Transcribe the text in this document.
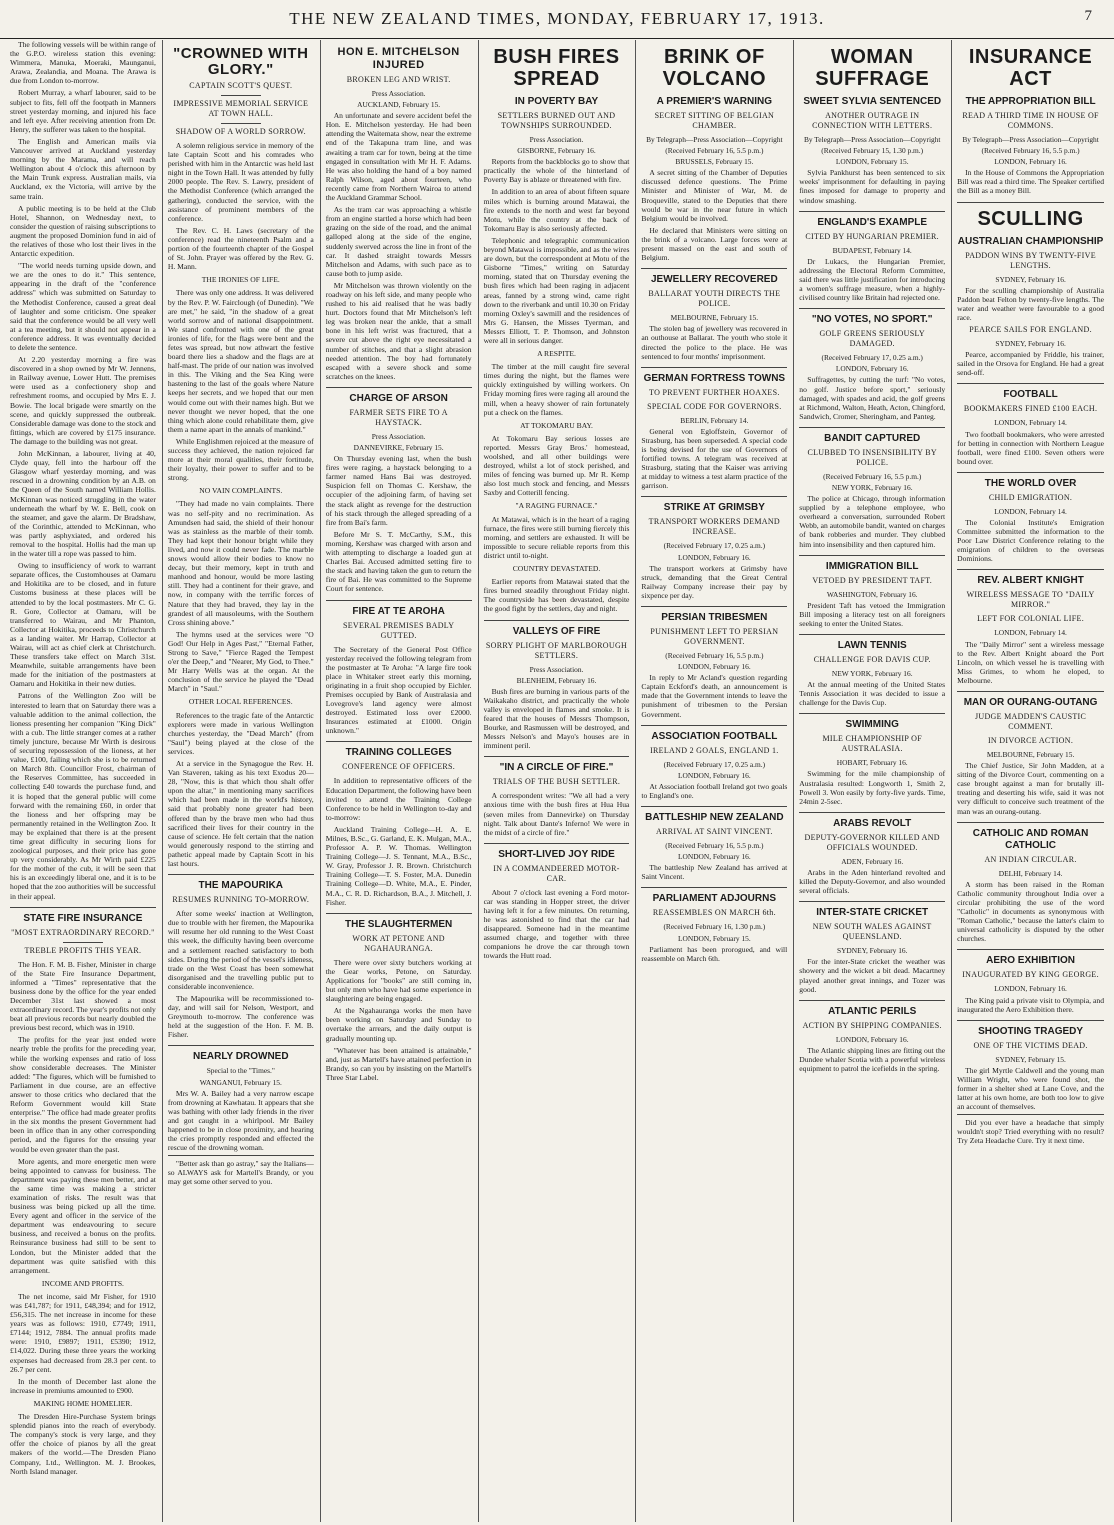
THE NEW ZEALAND TIMES, MONDAY, FEBRUARY 17, 1913.	7

The following vessels will be within range of the G.P.O. wireless station this evening: Wimmera, Manuka, Moeraki, Maunganui, Arawa, Zealandia, and Moana. The Arawa is due from London to-morrow.

Robert Murray, a wharf labourer, said to be subject to fits, fell off the footpath in Manners street yesterday morning, and injured his face and left eye. After receiving attention from Dr. Henry, the sufferer was taken to the hospital.

The English and American mails via Vancouver arrived at Auckland yesterday morning by the Marama, and will reach Wellington about 4 o'clock this afternoon by the Main Trunk express. Australian mails, via Auckland, ex the Victoria, will arrive by the same train.

A public meeting is to be held at the Club Hotel, Shannon, on Wednesday next, to consider the question of raising subscriptions to augment the proposed Dominion fund in aid of the relatives of those who lost their lives in the Antarctic expedition.

"The world needs turning upside down, and we are the ones to do it." This sentence, appearing in the draft of the "conference address" which was submitted on Saturday to the Methodist Conference, caused a great deal of laughter and some criticism. One speaker said that the conference would be all very well at a tea meeting, but it should not appear in a conference address. It was eventually decided to delete the sentence.

At 2.20 yesterday morning a fire was discovered in a shop owned by Mr W. Jennens, in Railway avenue, Lower Hutt. The premises were used as a confectionery shop and refreshment rooms, and occupied by Mrs E. J. Bowie. The local brigade were smartly on the scene, and quickly suppressed the outbreak. Considerable damage was done to the stock and fittings, which are covered by £175 insurance. The damage to the building was not great.

John McKinnan, a labourer, living at 40, Clyde quay, fell into the harbour off the Glasgow wharf yesterday morning, and was rescued in a drowning condition by an A.B. on the Queen of the South named William Hollis. McKinnan was noticed struggling in the water underneath the wharf by W. E. Bell, cook on the steamer, and gave the alarm. Dr Bradshaw, of the Corinthic, attended to McKinnan, who was partly asphyxiated, and ordered his removal to the hospital. Hollis had the man up in the water till a rope was passed to him.

Owing to insufficiency of work to warrant separate offices, the Customhouses at Oamaru and Hokitika are to be closed, and in future Customs business at these places will be attended to by the local postmasters. Mr C. G. R. Gore, Collector at Oamaru, will be transferred to Wairau, and Mr Phanton, Collector at Hokitika, proceeds to Christchurch as a landing waiter. Mr Harrap, Collector at Wairau, will act as chief clerk at Christchurch. These transfers take effect on March 31st. Meanwhile, suitable arrangements have been made for the initiation of the postmasters at Oamaru and Hokitika in their new duties.

Patrons of the Wellington Zoo will be interested to learn that on Saturday there was a valuable addition to the animal collection, the lioness presenting her companion "King Dick" with a cub. The little stranger comes at a rather timely juncture, because Mr Wirth is desirous of securing repossession of the lioness, at her value, £100, failing which she is to be returned on March 8th. Councillor Frost, chairman of the Reserves Committee, has succeeded in collecting £40 towards the purchase fund, and it is hoped that the general public will come forward with the remaining £60, in order that the lioness and her offspring may be permanently retained in the Wellington Zoo. It may be explained that there is at the present time great difficulty in securing lions for zoological purposes, and their price has gone up very considerably. As Mr Wirth paid £225 for the mother of the cub, it will be seen that his is an exceedingly liberal one, and it is to be hoped that the zoo authorities will be successful in their appeal.

STATE FIRE INSURANCE
"MOST EXTRAORDINARY RECORD."
TREBLE PROFITS THIS YEAR.

The Hon. F. M. B. Fisher, Minister in charge of the State Fire Insurance Department, informed a "Times" representative that the business done by the office for the year ended December 31st last showed a most extraordinary record. The year's profits not only beat all previous records but nearly doubled the previous best record, which was in 1910.

The profits for the year just ended were nearly treble the profits for the preceding year, while the working expenses and ratio of loss show considerable decreases. The Minister added: "The figures, which will be furnished to Parliament in due course, are an effective answer to those critics who declared that the Reform Government would kill State enterprise." The office had made greater profits in the six months the present Government had been in office than in any other corresponding period, and the figures for the ensuing year would be even greater than the past.

More agents, and more energetic men were being appointed to canvass for business. The department was paying these men better, and at the same time was making a stricter examination of risks. The result was that business was being picked up all the time. Every agent and officer in the service of the department was endeavouring to secure business, and received a bonus on the profits. Reinsurance business had still to be sent to London, but the Minister added that the department was quite satisfied with this arrangement.

INCOME AND PROFITS.

The net income, said Mr Fisher, for 1910 was £41,787; for 1911, £48,394; and for 1912, £56,315. The net increase in income for these years was as follows: 1910, £7749; 1911, £7144; 1912, 7884. The annual profits made were: 1910, £9897; 1911, £5390; 1912, £14,022. During these three years the working expenses had decreased from 28.3 per cent. to 26.7 per cent.

In the month of December last alone the increase in premiums amounted to £900.

MAKING HOME HOMELIER.

The Dresden Hire-Purchase System brings splendid pianos into the reach of everybody. The company's stock is very large, and they offer the choice of pianos by all the great makers of the world.—The Dresden Piano Company, Ltd., Wellington. M. J. Brookes, North Island manager.

"CROWNED WITH GLORY."
CAPTAIN SCOTT'S QUEST.
IMPRESSIVE MEMORIAL SERVICE AT TOWN HALL.
SHADOW OF A WORLD SORROW.

A solemn religious service in memory of the late Captain Scott and his comrades who perished with him in the Antarctic was held last night in the Town Hall. It was attended by fully 2000 people. The Rev. S. Lawry, president of the Methodist Conference (which arranged the gathering), conducted the service, with the assistance of prominent members of the conference.

The Rev. C. H. Laws (secretary of the conference) read the nineteenth Psalm and a portion of the fourteenth chapter of the Gospel of St. John. Prayer was offered by the Rev. G. H. Mann.

THE IRONIES OF LIFE.

There was only one address. It was delivered by the Rev. P. W. Fairclough (of Dunedin). "We are met," he said, "in the shadow of a great world sorrow and of national disappointment. We stand confronted with one of the great ironies of life, for the flags were bent and the fetes was spread, but now athwart the festive board there lies a shadow and the flags are at half-mast. The pride of our nation was involved in this. The Viking and the Sea King were hastening to the last of the goals where Nature keeps her secrets, and we hoped that our men would come out with their names high. But we never thought we never hoped, that the one thing which alone could rehabilitate them, give them a name apart in the annals of mankind."

While Englishmen rejoiced at the measure of success they achieved, the nation rejoiced far more at their moral qualities, their fortitude, their loyalty, their power to suffer and to be strong.

NO VAIN COMPLAINTS.

"They had made no vain complaints. There was no self-pity and no recrimination. As Amundsen had said, the shield of their honour was as stainless as the marble of their tomb. They had kept their honour bright while they lived, and now it could never fade. The marble snows would allow their bodies to know no decay, but their memory, kept in truth and manhood and honour, would be more lasting still. They had a continent for their grave, and now, in company with the terrific forces of Nature that they had braved, they lay in the grandest of all mausoleums, with the Southern Cross shining above."

The hymns used at the services were "O God! Our Help in Ages Past," "Eternal Father, Strong to Save," "Fierce Raged the Tempest o'er the Deep," and "Nearer, My God, to Thee." Mr Harry Wells was at the organ. At the conclusion of the service he played the "Dead March" in "Saul."

OTHER LOCAL REFERENCES.

References to the tragic fate of the Antarctic explorers were made in various Wellington churches yesterday, the "Dead March" (from "Saul") being played at the close of the services.

At a service in the Synagogue the Rev. H. Van Staveren, taking as his text Exodus 20—28, "Now, this is that which thou shalt offer upon the altar," in mentioning many sacrifices which had been made in the world's history, said that probably none greater had been offered than by the brave men who had thus sacrificed their lives for their country in the cause of science. He felt certain that the nation would generously respond to the stirring and pathetic appeal made by Captain Scott in his last hours.

THE MAPOURIKA
RESUMES RUNNING TO-MORROW.

After some weeks' inaction at Wellington, due to trouble with her firemen, the Mapourika will resume her old running to the West Coast this week, the difficulty having been overcome and a settlement reached satisfactory to both sides. During the period of the vessel's idleness, trade on the West Coast has been somewhat disorganised and the travelling public put to considerable inconvenience.

The Mapourika will be recommissioned to-day, and will sail for Nelson, Westport, and Greymouth to-morrow. The conference was held at the suggestion of the Hon. F. M. B. Fisher.

NEARLY DROWNED
Special to the "Times."
WANGANUI, February 15.

Mrs W. A. Bailey had a very narrow escape from drowning at Kawhatau. It appears that she was bathing with other lady friends in the river and got caught in a whirlpool. Mr Bailey happened to be in close proximity, and hearing the cries promptly responded and effected the rescue of the drowning woman.

"Better ask than go astray," say the Italians—so ALWAYS ask for Martell's Brandy, or you may get some other served to you.

HON E. MITCHELSON INJURED
BROKEN LEG AND WRIST.
Press Association.
AUCKLAND, February 15.

An unfortunate and severe accident befel the Hon. E. Mitchelson yesterday. He had been attending the Waitemata show, near the extreme end of the Takapuna tram line, and was awaiting a tram car for town, being at the time engaged in consultation with Mr H. F. Adams. He was also holding the hand of a boy named Ralph Wilson, aged about fourteen, who recently came from Northern Wairoa to attend the Auckland Grammar School.

As the tram car was approaching a whistle from an engine startled a horse which had been grazing on the side of the road, and the animal galloped along at the side of the engine, suddenly swerved across the line in front of the car. It dashed straight towards Messrs Mitchelson and Adams, with such pace as to cause both to jump aside.

Mr Mitchelson was thrown violently on the roadway on his left side, and many people who rushed to his aid realised that he was badly hurt. Doctors found that Mr Mitchelson's left leg was broken near the ankle, that a small bone in his left wrist was fractured, that a severe cut above the right eye necessitated a number of stitches, and that a slight abrasion needed attention. The boy had fortunately escaped with a severe shock and some scratches on the knees.

CHARGE OF ARSON
FARMER SETS FIRE TO A HAYSTACK.
Press Association.
DANNEVIRKE, February 15.

On Thursday evening last, when the bush fires were raging, a haystack belonging to a farmer named Hans Bai was destroyed. Suspicion fell on Thomas C. Kershaw, the occupier of the adjoining farm, of having set the stack alight as revenge for the destruction of his stack through the alleged spreading of a fire from Bai's farm.

Before Mr S. T. McCarthy, S.M., this morning, Kershaw was charged with arson and with attempting to discharge a loaded gun at Charles Bai. Accused admitted setting fire to the stack and having taken the gun to return the fire of Bai. He was committed to the Supreme Court for sentence.

FIRE AT TE AROHA
SEVERAL PREMISES BADLY GUTTED.

The Secretary of the General Post Office yesterday received the following telegram from the postmaster at Te Aroha: "A large fire took place in Whitaker street early this morning, originating in a fruit shop occupied by Eichler. Premises occupied by Bank of Australasia and Lovegrove's land agency were almost destroyed. Estimated loss over £2000. Insurances estimated at £1000. Origin unknown."

TRAINING COLLEGES
CONFERENCE OF OFFICERS.

In addition to representative officers of the Education Department, the following have been invited to attend the Training College Conference to be held in Wellington to-day and to-morrow:

Auckland Training College—H. A. E. Milnes, B.Sc., G. Garland, E. K. Mulgan, M.A., Professor A. P. W. Thomas. Wellington Training College—J. S. Tennant, M.A., B.Sc., W. Gray, Professor J. R. Brown. Christchurch Training College—T. S. Foster, M.A. Dunedin Training College—D. White, M.A., E. Pinder, M.A., C. R. D. Richardson, B.A., J. Mitchell, J. Fisher.

THE SLAUGHTERMEN
WORK AT PETONE AND NGAHAURANGA.

There were over sixty butchers working at the Gear works, Petone, on Saturday. Applications for "books" are still coming in, but only men who have had some experience in slaughtering are being engaged.

At the Ngahauranga works the men have been working on Saturday and Sunday to overtake the arrears, and the daily output is gradually mounting up.

"Whatever has been attained is attainable," and, just as Martell's have attained perfection in Brandy, so can you by insisting on the Martell's Three Star Label.

BUSH FIRES SPREAD
IN POVERTY BAY
SETTLERS BURNED OUT AND TOWNSHIPS SURROUNDED.
Press Association.
GISBORNE, February 16.

Reports from the backblocks go to show that practically the whole of the hinterland of Poverty Bay is ablaze or threatened with fire.

In addition to an area of about fifteen square miles which is burning around Matawai, the fire extends to the north and west far beyond Motu, while the country at the back of Tokomaru Bay is also seriously affected.

Telephonic and telegraphic communication beyond Matawai is impossible, and as the wires are down, but the correspondent at Motu of the Gisborne "Times," writing on Saturday morning, stated that on Thursday evening the bush fires which had been raging in adjacent areas, fanned by a strong wind, came right down to the riverbank and until 10.30 on Friday morning Oxley's sawmill and the residences of Mrs G. Hansen, the Misses Tyerman, and Messrs Elliott, T. P. Thomson, and Johnston were all in serious danger.

A RESPITE.

The timber at the mill caught fire several times during the night, but the flames were quickly extinguished by willing workers. On Friday morning fires were raging all around the mill, when a heavy shower of rain fortunately put a check on the flames.

AT TOKOMARU BAY.

At Tokomaru Bay serious losses are reported. Messrs Gray Bros.' homestead, woolshed, and all other buildings were destroyed, whilst a lot of stock perished, and miles of fencing was burned up. Mr R. Kemp also lost much stock and fencing, and Messrs Saxby and Cotterill fencing.

"A RAGING FURNACE."

At Matawai, which is in the heart of a raging furnace, the fires were still burning fiercely this morning, and settlers are exhausted. It will be impossible to secure reliable reports from this district until to-night.

COUNTRY DEVASTATED.

Earlier reports from Matawai stated that the fires burned steadily throughout Friday night. The countryside has been devastated, despite the good fight by the settlers, day and night.

VALLEYS OF FIRE
SORRY PLIGHT OF MARLBOROUGH SETTLERS.
Press Association.
BLENHEIM, February 16.

Bush fires are burning in various parts of the Waikakaho district, and practically the whole valley is enveloped in flames and smoke. It is feared that the houses of Messrs Thompson, Bourke, and Rasmussen will be destroyed, and Messrs Nelson's and Mayo's houses are in imminent peril.

"IN A CIRCLE OF FIRE."
TRIALS OF THE BUSH SETTLER.

A correspondent writes: "We all had a very anxious time with the bush fires at Hua Hua (seven miles from Dannevirke) on Thursday night. Talk about Dante's Inferno! We were in the midst of a circle of fire."

SHORT-LIVED JOY RIDE
IN A COMMANDEERED MOTOR-CAR.

About 7 o'clock last evening a Ford motor-car was standing in Hopper street, the driver having left it for a few minutes. On returning, he was astonished to find that the car had disappeared. Someone had in the meantime assumed charge, and together with three companions he drove the car through town towards the Hutt road.

BRINK OF VOLCANO
A PREMIER'S WARNING
SECRET SITTING OF BELGIAN CHAMBER.
By Telegraph—Press Association—Copyright
(Received February 16, 5.5 p.m.)
BRUSSELS, February 15.

A secret sitting of the Chamber of Deputies discussed defence questions. The Prime Minister and Minister of War, M. de Broqueville, stated to the Deputies that there would be war in the near future in which Belgium would be involved.

He declared that Ministers were sitting on the brink of a volcano. Large forces were at present massed on the east and south of Belgium.

JEWELLERY RECOVERED
BALLARAT YOUTH DIRECTS THE POLICE.
MELBOURNE, February 15.

The stolen bag of jewellery was recovered in an outhouse at Ballarat. The youth who stole it directed the police to the place. He was sentenced to four months' imprisonment.

GERMAN FORTRESS TOWNS
TO PREVENT FURTHER HOAXES.
SPECIAL CODE FOR GOVERNORS.
BERLIN, February 14.

General von Egloffstein, Governor of Strasburg, has been superseded. A special code is being devised for the use of Governors of fortified towns. A telegram was received at Strasburg, stating that the Kaiser was arriving at midday to witness a test alarm practice of the garrison.

STRIKE AT GRIMSBY
TRANSPORT WORKERS DEMAND INCREASE.
(Received February 17, 0.25 a.m.)
LONDON, February 16.

The transport workers at Grimsby have struck, demanding that the Great Central Railway Company increase their pay by sixpence per day.

PERSIAN TRIBESMEN
PUNISHMENT LEFT TO PERSIAN GOVERNMENT.
(Received February 16, 5.5 p.m.)
LONDON, February 16.

In reply to Mr Acland's question regarding Captain Eckford's death, an announcement is made that the Government intends to leave the punishment of tribesmen to the Persian Government.

ASSOCIATION FOOTBALL
IRELAND 2 GOALS, ENGLAND 1.
(Received February 17, 0.25 a.m.)
LONDON, February 16.

At Association football Ireland got two goals to England's one.

BATTLESHIP NEW ZEALAND
ARRIVAL AT SAINT VINCENT.
(Received February 16, 5.5 p.m.)
LONDON, February 16.

The battleship New Zealand has arrived at Saint Vincent.

PARLIAMENT ADJOURNS
REASSEMBLES ON MARCH 6th.
(Received February 16, 1.30 p.m.)
LONDON, February 15.

Parliament has been prorogued, and will reassemble on March 6th.

WOMAN SUFFRAGE
SWEET SYLVIA SENTENCED
ANOTHER OUTRAGE IN CONNECTION WITH LETTERS.
By Telegraph—Press Association—Copyright
(Received February 15, 1.30 p.m.)
LONDON, February 15.

Sylvia Pankhurst has been sentenced to six weeks' imprisonment for defaulting in paying fines imposed for damage to property and window smashing.

ENGLAND'S EXAMPLE
CITED BY HUNGARIAN PREMIER.
BUDAPEST, February 14.

Dr Lukacs, the Hungarian Premier, addressing the Electoral Reform Committee, said there was little justification for introducing a women's suffrage measure, when a highly-civilised country like Britain had rejected one.

"NO VOTES, NO SPORT."
GOLF GREENS SERIOUSLY DAMAGED.
(Received February 17, 0.25 a.m.)
LONDON, February 16.

Suffragettes, by cutting the turf: "No votes, no golf. Justice before sport," seriously damaged, with spades and acid, the golf greens at Richmond, Walton, Heath, Acton, Chingford, Sandwich, Cromer, Sheringham, and Panteg.

BANDIT CAPTURED
CLUBBED TO INSENSIBILITY BY POLICE.
(Received February 16, 5.5 p.m.)
NEW YORK, February 16.

The police at Chicago, through information supplied by a telephone employee, who overheard a conversation, surrounded Robert Webb, an automobile bandit, wanted on charges of bank robberies and murder. They clubbed him into insensibility and then captured him.

IMMIGRATION BILL
VETOED BY PRESIDENT TAFT.
WASHINGTON, February 16.

President Taft has vetoed the Immigration Bill imposing a literacy test on all foreigners seeking to enter the United States.

LAWN TENNIS
CHALLENGE FOR DAVIS CUP.
NEW YORK, February 16.

At the annual meeting of the United States Tennis Association it was decided to issue a challenge for the Davis Cup.

SWIMMING
MILE CHAMPIONSHIP OF AUSTRALASIA.
HOBART, February 16.

Swimming for the mile championship of Australasia resulted: Longworth 1, Smith 2, Powell 3. Won easily by forty-five yards. Time, 24min 2-5sec.

ARABS REVOLT
DEPUTY-GOVERNOR KILLED AND OFFICIALS WOUNDED.
ADEN, February 16.

Arabs in the Aden hinterland revolted and killed the Deputy-Governor, and also wounded several officials.

INTER-STATE CRICKET
NEW SOUTH WALES AGAINST QUEENSLAND.
SYDNEY, February 16.

For the inter-State cricket the weather was showery and the wicket a bit dead. Macartney played another great innings, and Tozer was good.

ATLANTIC PERILS
ACTION BY SHIPPING COMPANIES.
LONDON, February 16.

The Atlantic shipping lines are fitting out the Dundee whaler Scotia with a powerful wireless equipment to patrol the icefields in the spring.

INSURANCE ACT
THE APPROPRIATION BILL
READ A THIRD TIME IN HOUSE OF COMMONS.
By Telegraph—Press Association—Copyright
(Received February 16, 5.5 p.m.)
LONDON, February 16.

In the House of Commons the Appropriation Bill was read a third time. The Speaker certified the Bill as a money Bill.

SCULLING
AUSTRALIAN CHAMPIONSHIP
PADDON WINS BY TWENTY-FIVE LENGTHS.
SYDNEY, February 16.

For the sculling championship of Australia Paddon beat Felton by twenty-five lengths. The water and weather were favourable to a good race.

PEARCE SAILS FOR ENGLAND.
SYDNEY, February 16.

Pearce, accompanied by Friddle, his trainer, sailed in the Orsova for England. He had a great send-off.

FOOTBALL
BOOKMAKERS FINED £100 EACH.
LONDON, February 14.

Two football bookmakers, who were arrested for betting in connection with Northern League football, were fined £100. Seven others were bound over.

THE WORLD OVER
CHILD EMIGRATION.
LONDON, February 14.

The Colonial Institute's Emigration Committee submitted the information to the Poor Law District Conference relating to the emigration of children to the overseas Dominions.

REV. ALBERT KNIGHT
WIRELESS MESSAGE TO "DAILY MIRROR."
LEFT FOR COLONIAL LIFE.
LONDON, February 14.

The "Daily Mirror" sent a wireless message to the Rev. Albert Knight aboard the Port Lincoln, on which vessel he is travelling with Miss Grimes, to whom he eloped, to Melbourne.

MAN OR OURANG-OUTANG
JUDGE MADDEN'S CAUSTIC COMMENT.
IN DIVORCE ACTION.
MELBOURNE, February 15.

The Chief Justice, Sir John Madden, at a sitting of the Divorce Court, commenting on a case brought against a man for brutally ill-treating and deserting his wife, said it was not very difficult to conceive such treatment of the man was an ourang-outang.

CATHOLIC AND ROMAN CATHOLIC
AN INDIAN CIRCULAR.
DELHI, February 14.

A storm has been raised in the Roman Catholic community throughout India over a circular prohibiting the use of the word "Catholic" in documents as synonymous with "Roman Catholic," because the latter's claim to universal catholicity is disputed by the other churches.

AERO EXHIBITION
INAUGURATED BY KING GEORGE.
LONDON, February 16.

The King paid a private visit to Olympia, and inaugurated the Aero Exhibition there.

SHOOTING TRAGEDY
ONE OF THE VICTIMS DEAD.
SYDNEY, February 15.

The girl Myrtle Caldwell and the young man William Wright, who were found shot, the former in a shelter shed at Lane Cove, and the latter at his own home, are both too low to give an account of themselves.

Did you ever have a headache that simply wouldn't stop? Tried everything with no result? Try Zeta Headache Cure. Try it next time.
